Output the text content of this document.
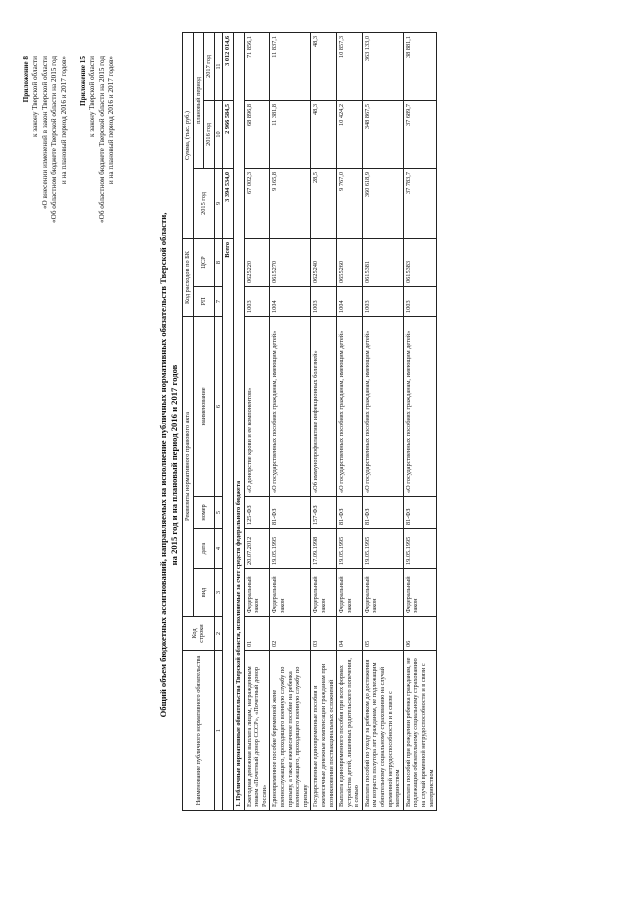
Приложение 8 к закону Тверской области «О внесении изменений в закон Тверской области «Об областном бюджете Тверской области на 2015 год и на плановый период 2016 и 2017 годов» Приложение 15 к закону Тверской области «Об областном бюджете Тверской области на 2015 год и на плановый период 2016 и 2017 годов»
Общий объем бюджетных ассигнований, направляемых на исполнение публичных нормативных обязательств Тверской области, на 2015 год и на плановый период 2016 и 2017 годов
Наименование публичного нормативного обязательства	Код строки	Реквизиты нормативного правового акта				Код расходов по БК		Сумма, (тыс. руб.)		
		вид	дата	номер	наименование	РП	ЦСР	2015 год	плановый период	
									2016 год	2017 год
1	2	3	4	5	6	7	8	9	10	11
Всего								3 394 534,0	2 966 584,5	3 012 014,6
1. Публичные нормативные обязательства Тверской области, исполняемые за счет средств федерального бюджета										
Ежегодная денежная выплата лицам, награжденным знаком «Почетный донор СССР», «Почетный донор России»	01	Федеральный закон	20.07.2012	125-ФЗ	«О донорстве крови и ее компонентов»	1003	0625220	67 002,3	68 896,8	71 856,1
Единовременное пособие беременной жене военнослужащего, проходящего военную службу по призыву, а также ежемесячное пособие на ребенка военнослужащего, проходящего военную службу по призыву	02	Федеральный закон	19.05.1995	81-ФЗ	«О государственных пособиях гражданам, имеющим детей»	1004	0615270	9 165,8	11 381,8	11 837,1
Государственные единовременные пособия и ежемесячные денежные компенсации гражданам при возникновении поствакцинальных осложнений	03	Федеральный закон	17.09.1998	157-ФЗ	«Об иммунопрофилактике инфекционных болезней»	1003	0625240	28,5	48,3	48,3
Выплата единовременного пособия при всех формах устройства детей, лишенных родительского попечения, в семью	04	Федеральный закон	19.05.1995	81-ФЗ	«О государственных пособиях гражданам, имеющим детей»	1004	0655260	9 767,0	10 424,2	10 857,3
Выплата пособий по уходу за ребенком до достижения им возраста полутора лет гражданам, не подлежащим обязательному социальному страхованию на случай временной нетрудоспособности и в связи с материнством	05	Федеральный закон	19.05.1995	81-ФЗ	«О государственных пособиях гражданам, имеющим детей»	1003	0615381	360 618,9	348 867,5	363 133,0
Выплата пособий при рождении ребенка гражданам, не подлежащим обязательному социальному страхованию на случай временной нетрудоспособности и в связи с материнством	06	Федеральный закон	19.05.1995	81-ФЗ	«О государственных пособиях гражданам, имеющим детей»	1003	0615383	37 783,7	37 689,7	38 881,1
